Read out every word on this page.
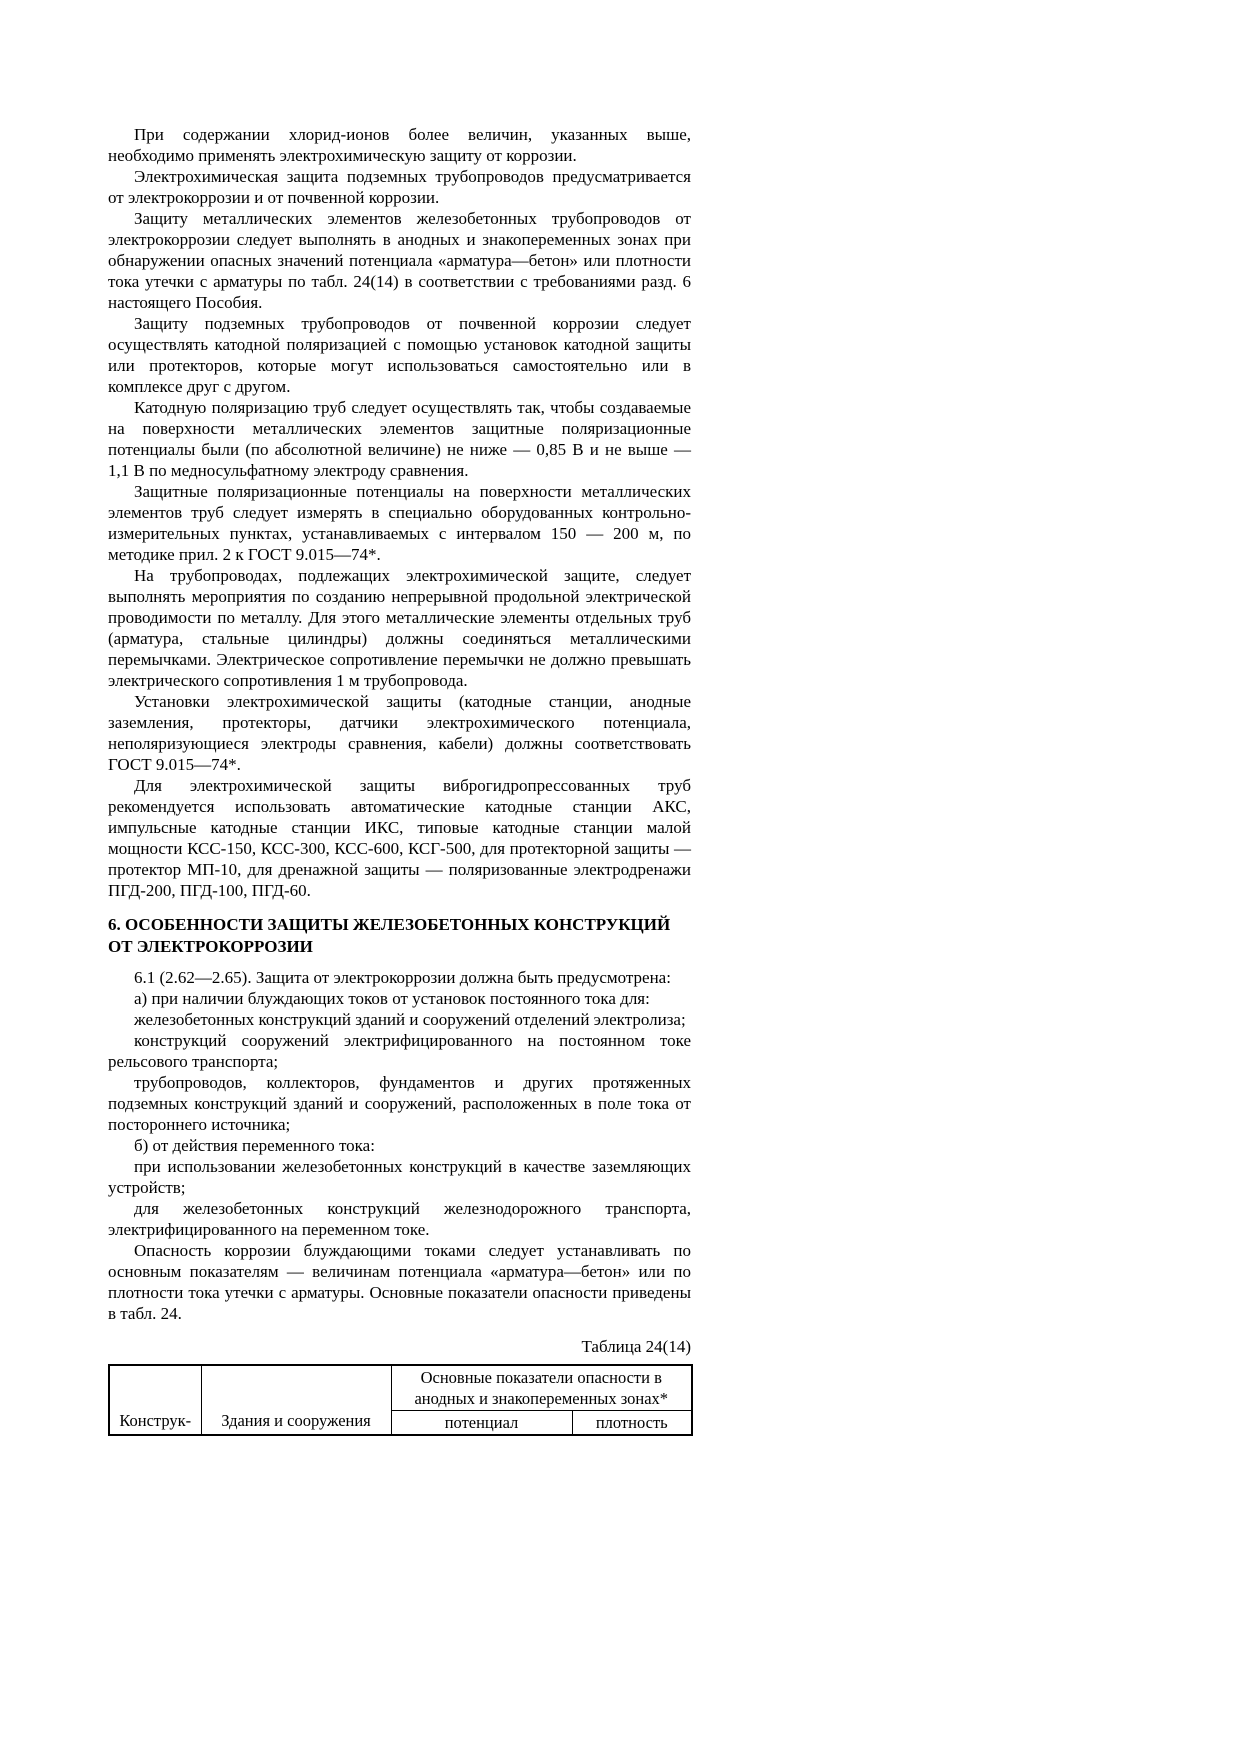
При содержании хлорид-ионов более величин, указанных выше, необходимо применять электрохимическую защиту от коррозии.

Электрохимическая защита подземных трубопроводов предусматривается от электрокоррозии и от почвенной коррозии.

Защиту металлических элементов железобетонных трубопроводов от электрокоррозии следует выполнять в анодных и знакопеременных зонах при обнаружении опасных значений потенциала «арматура—бетон» или плотности тока утечки с арматуры по табл. 24(14) в соответствии с требованиями разд. 6 настоящего Пособия.

Защиту подземных трубопроводов от почвенной коррозии следует осуществлять катодной поляризацией с помощью установок катодной защиты или протекторов, которые могут использоваться самостоятельно или в комплексе друг с другом.

Катодную поляризацию труб следует осуществлять так, чтобы создаваемые на поверхности металлических элементов защитные поляризационные потенциалы были (по абсолютной величине) не ниже — 0,85 В и не выше — 1,1 В по медносульфатному электроду сравнения.

Защитные поляризационные потенциалы на поверхности металлических элементов труб следует измерять в специально оборудованных контрольно-измерительных пунктах, устанавливаемых с интервалом 150 — 200 м, по методике прил. 2 к ГОСТ 9.015—74*.

На трубопроводах, подлежащих электрохимической защите, следует выполнять мероприятия по созданию непрерывной продольной электрической проводимости по металлу. Для этого металлические элементы отдельных труб (арматура, стальные цилиндры) должны соединяться металлическими перемычками. Электрическое сопротивление перемычки не должно превышать электрического сопротивления 1 м трубопровода.

Установки электрохимической защиты (катодные станции, анодные заземления, протекторы, датчики электрохимического потенциала, неполяризующиеся электроды сравнения, кабели) должны соответствовать ГОСТ 9.015—74*.

Для электрохимической защиты виброгидропрессованных труб рекомендуется использовать автоматические катодные станции АКС, импульсные катодные станции ИКС, типовые катодные станции малой мощности КСС-150, КСС-300, КСС-600, КСГ-500, для протекторной защиты — протектор МП-10, для дренажной защиты — поляризованные электродренажи ПГД-200, ПГД-100, ПГД-60.

6. ОСОБЕННОСТИ ЗАЩИТЫ ЖЕЛЕЗОБЕТОННЫХ КОНСТРУКЦИЙ ОТ ЭЛЕКТРОКОРРОЗИИ

6.1 (2.62—2.65). Защита от электрокоррозии должна быть предусмотрена:

а) при наличии блуждающих токов от установок постоянного тока для:

железобетонных конструкций зданий и сооружений отделений электролиза;

конструкций сооружений электрифицированного на постоянном токе рельсового транспорта;

трубопроводов, коллекторов, фундаментов и других протяженных подземных конструкций зданий и сооружений, расположенных в поле тока от постороннего источника;

б) от действия переменного тока:

при использовании железобетонных конструкций в качестве заземляющих устройств;

для железобетонных конструкций железнодорожного транспорта, электрифицированного на переменном токе.

Опасность коррозии блуждающими токами следует устанавливать по основным показателям — величинам потенциала «арматура—бетон» или по плотности тока утечки с арматуры. Основные показатели опасности приведены в табл. 24.

Таблица 24(14)
Конструк-	Здания и сооружения	Основные показатели опасности в анодных и знакопеременных зонах*	
		потенциал	плотность
